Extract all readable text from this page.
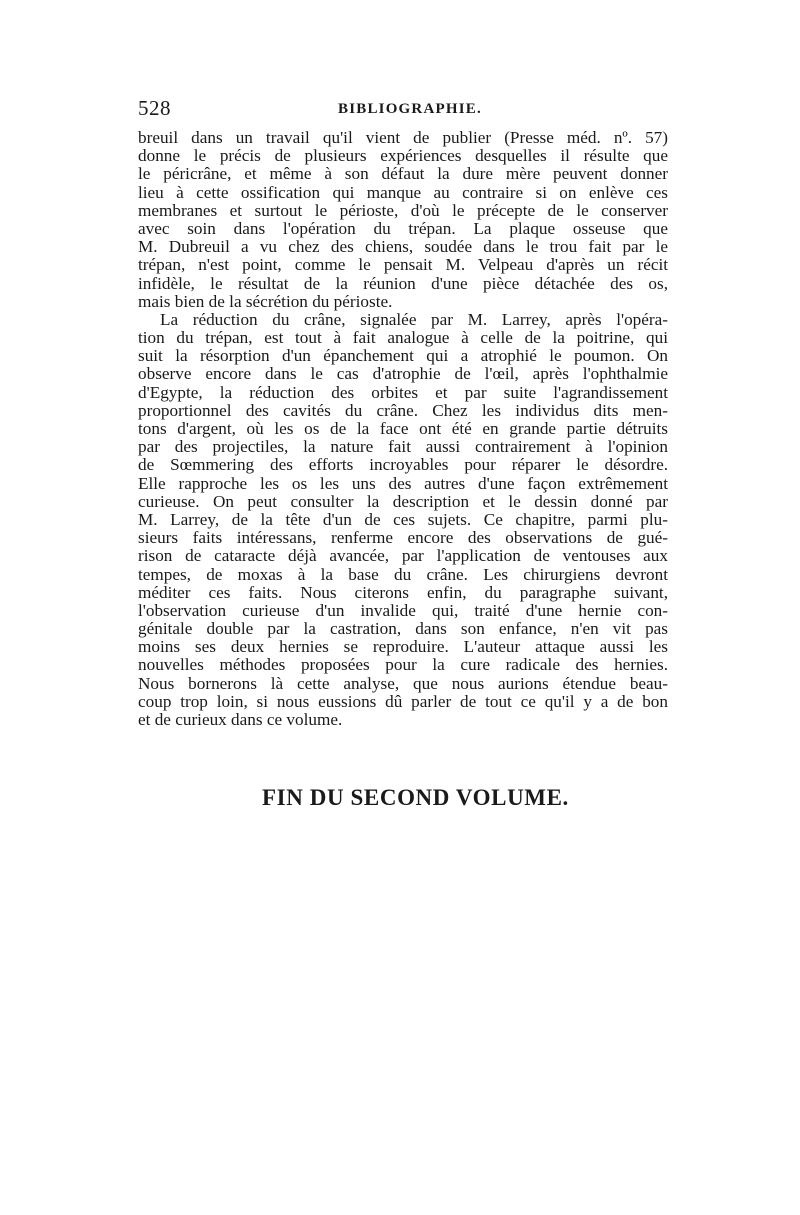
528	BIBLIOGRAPHIE.
breuil dans un travail qu'il vient de publier (Presse méd. nº. 57)
donne le précis de plusieurs expériences desquelles il résulte que
le péricrâne, et même à son défaut la dure mère peuvent donner
lieu à cette ossification qui manque au contraire si on enlève ces
membranes et surtout le périoste, d'où le précepte de le conserver
avec soin dans l'opération du trépan. La plaque osseuse que
M. Dubreuil a vu chez des chiens, soudée dans le trou fait par le
trépan, n'est point, comme le pensait M. Velpeau d'après un récit
infidèle, le résultat de la réunion d'une pièce détachée des os,
mais bien de la sécrétion du périoste.
La réduction du crâne, signalée par M. Larrey, après l'opéra-
tion du trépan, est tout à fait analogue à celle de la poitrine, qui
suit la résorption d'un épanchement qui a atrophié le poumon. On
observe encore dans le cas d'atrophie de l'œil, après l'ophthalmie
d'Egypte, la réduction des orbites et par suite l'agrandissement
proportionnel des cavités du crâne. Chez les individus dits men-
tons d'argent, où les os de la face ont été en grande partie détruits
par des projectiles, la nature fait aussi contrairement à l'opinion
de Sœmmering des efforts incroyables pour réparer le désordre.
Elle rapproche les os les uns des autres d'une façon extrêmement
curieuse. On peut consulter la description et le dessin donné par
M. Larrey, de la tête d'un de ces sujets. Ce chapitre, parmi plu-
sieurs faits intéressans, renferme encore des observations de gué-
rison de cataracte déjà avancée, par l'application de ventouses aux
tempes, de moxas à la base du crâne. Les chirurgiens devront
méditer ces faits. Nous citerons enfin, du paragraphe suivant,
l'observation curieuse d'un invalide qui, traité d'une hernie con-
génitale double par la castration, dans son enfance, n'en vit pas
moins ses deux hernies se reproduire. L'auteur attaque aussi les
nouvelles méthodes proposées pour la cure radicale des hernies.
Nous bornerons là cette analyse, que nous aurions étendue beau-
coup trop loin, si nous eussions dû parler de tout ce qu'il y a de bon
et de curieux dans ce volume.
FIN DU SECOND VOLUME.
